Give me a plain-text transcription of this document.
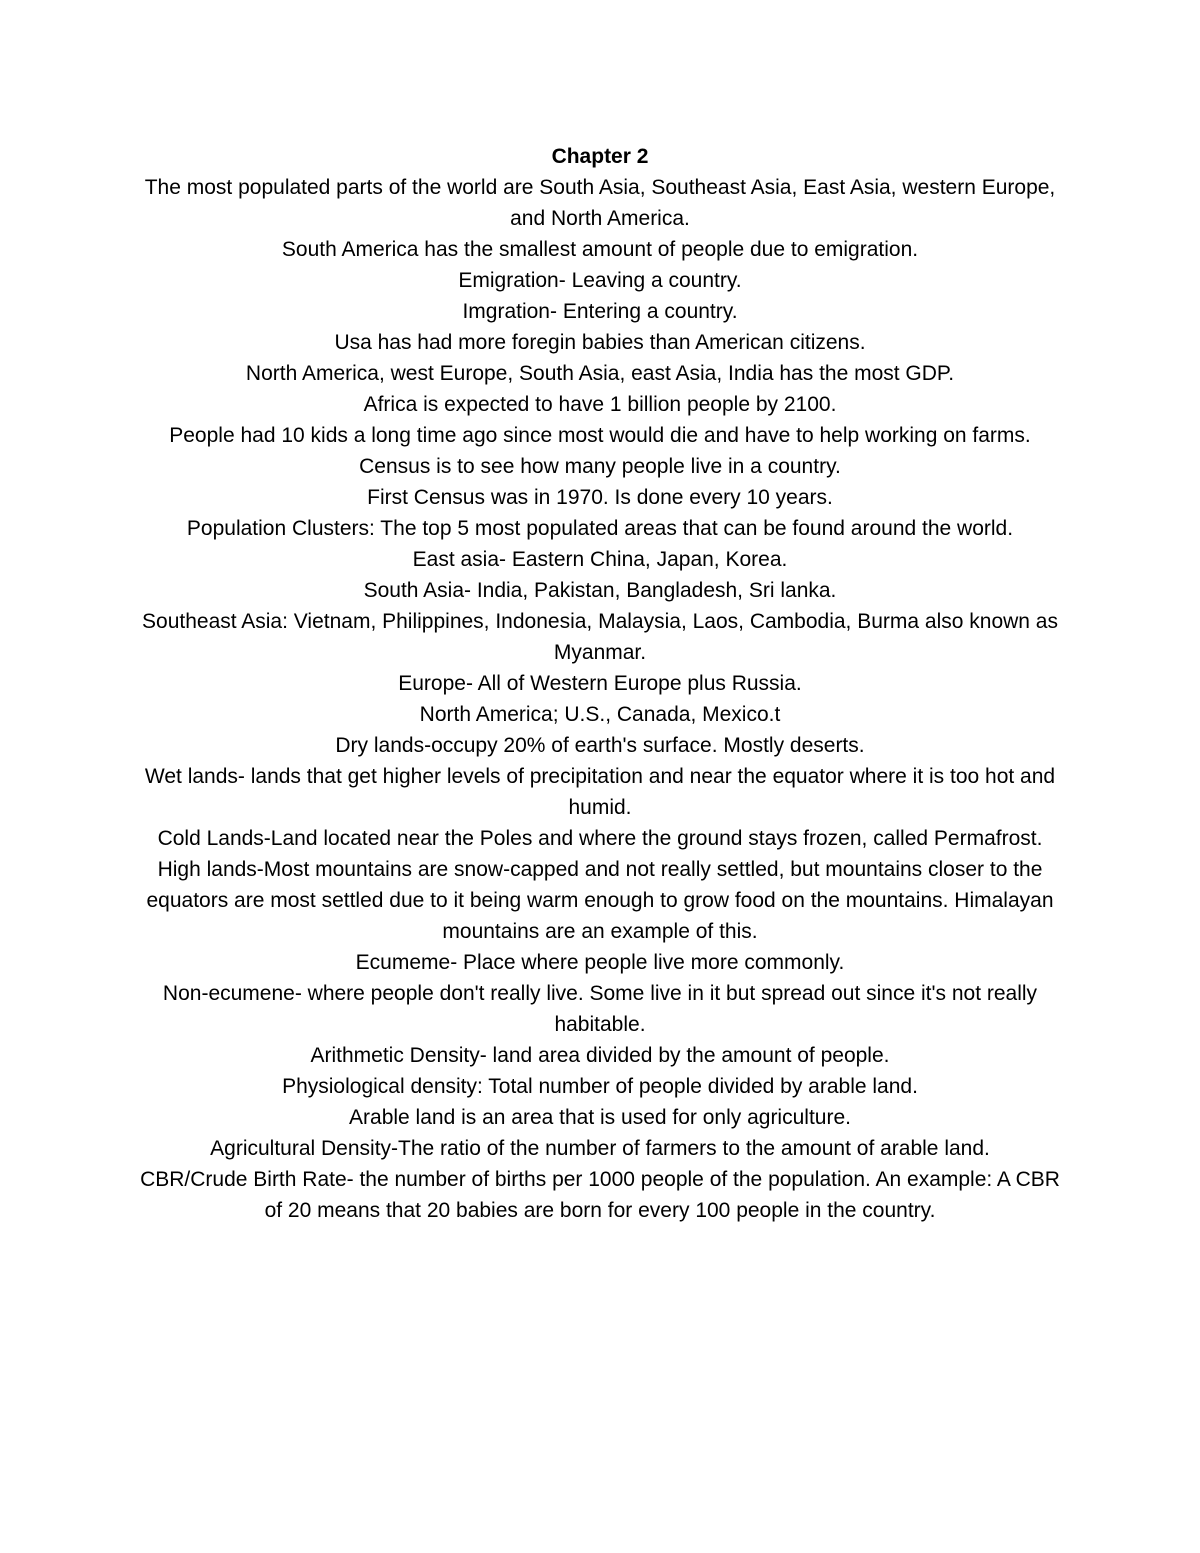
Chapter 2

The most populated parts of the world are South Asia, Southeast Asia, East Asia, western Europe, and North America.

South America has the smallest amount of people due to emigration.

Emigration- Leaving a country.

Imgration- Entering a country.

Usa has had more foregin babies than American citizens.

North America, west Europe, South Asia, east Asia, India has the most GDP.

Africa is expected to have 1 billion people by 2100.

People had 10 kids a long time ago since most would die and have to help working on farms.

Census is to see how many people live in a country.

First Census was in 1970. Is done every 10 years.

Population Clusters: The top 5 most populated areas that can be found around the world.

East asia- Eastern China, Japan, Korea.

South Asia- India, Pakistan, Bangladesh, Sri lanka.

Southeast Asia: Vietnam, Philippines, Indonesia, Malaysia, Laos, Cambodia, Burma also known as Myanmar.

Europe- All of Western Europe plus Russia.

North America; U.S., Canada, Mexico.t

Dry lands-occupy 20% of earth's surface. Mostly deserts.

Wet lands- lands that get higher levels of precipitation and near the equator where it is too hot and humid.

Cold Lands-Land located near the Poles and where the ground stays frozen, called Permafrost.

High lands-Most mountains are snow-capped and not really settled, but mountains closer to the equators are most settled due to it being warm enough to grow food on the mountains. Himalayan mountains are an example of this.

Ecumeme- Place where people live more commonly.

Non-ecumene- where people don't really live. Some live in it but spread out since it's not really habitable.

Arithmetic Density- land area divided by the amount of people.

Physiological density: Total number of people divided by arable land.

Arable land is an area that is used for only agriculture.

Agricultural Density-The ratio of the number of farmers to the amount of arable land.

CBR/Crude Birth Rate- the number of births per 1000 people of the population. An example: A CBR of 20 means that 20 babies are born for every 100 people in the country.
